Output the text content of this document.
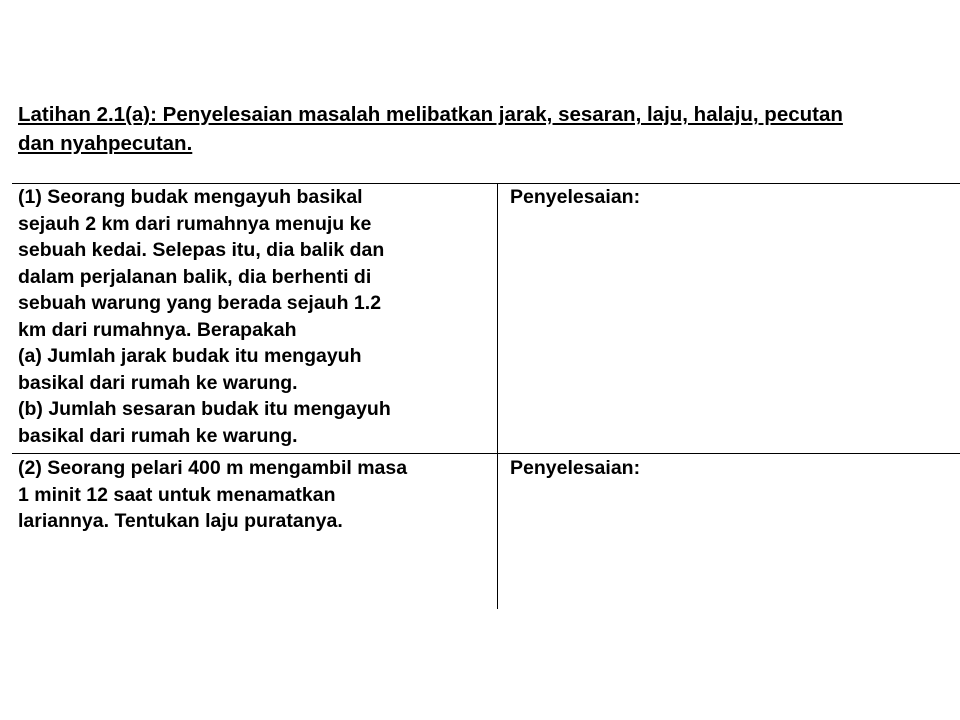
Latihan 2.1(a): Penyelesaian masalah melibatkan jarak, sesaran, laju, halaju, pecutan
dan nyahpecutan.
(1) Seorang budak mengayuh basikal
sejauh 2 km dari rumahnya menuju ke
sebuah kedai. Selepas itu, dia balik dan
dalam perjalanan balik, dia berhenti di
sebuah warung yang berada sejauh 1.2
km dari rumahnya. Berapakah
(a) Jumlah jarak budak itu mengayuh
basikal dari rumah ke warung.
(b) Jumlah sesaran budak itu mengayuh
basikal dari rumah ke warung.
Penyelesaian:
(2) Seorang pelari 400 m mengambil masa
1 minit 12 saat untuk menamatkan
lariannya. Tentukan laju puratanya.
Penyelesaian:
